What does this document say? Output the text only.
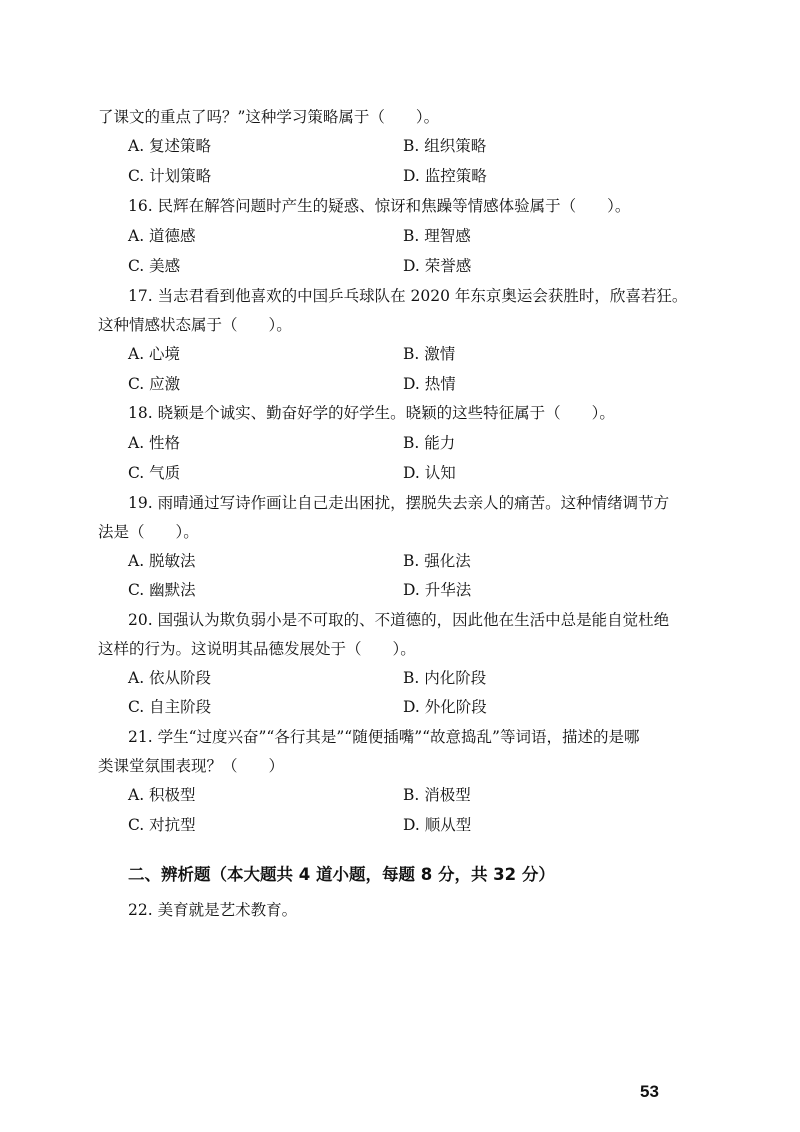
了课文的重点了吗？”这种学习策略属于（　　）。
A. 复述策略	B. 组织策略
C. 计划策略	D. 监控策略
16. 民辉在解答问题时产生的疑惑、惊讶和焦躁等情感体验属于（　　）。
A. 道德感	B. 理智感
C. 美感	D. 荣誉感
17. 当志君看到他喜欢的中国乒乓球队在 2020 年东京奥运会获胜时，欣喜若狂。
这种情感状态属于（　　）。
A. 心境	B. 激情
C. 应激	D. 热情
18. 晓颖是个诚实、勤奋好学的好学生。晓颖的这些特征属于（　　）。
A. 性格	B. 能力
C. 气质	D. 认知
19. 雨晴通过写诗作画让自己走出困扰，摆脱失去亲人的痛苦。这种情绪调节方
法是（　　）。
A. 脱敏法	B. 强化法
C. 幽默法	D. 升华法
20. 国强认为欺负弱小是不可取的、不道德的，因此他在生活中总是能自觉杜绝
这样的行为。这说明其品德发展处于（　　）。
A. 依从阶段	B. 内化阶段
C. 自主阶段	D. 外化阶段
21. 学生“过度兴奋”“各行其是”“随便插嘴”“故意捣乱”等词语，描述的是哪
类课堂氛围表现？（　　）
A. 积极型	B. 消极型
C. 对抗型	D. 顺从型
二、辨析题（本大题共 4 道小题，每题 8 分，共 32 分）
22. 美育就是艺术教育。
53
